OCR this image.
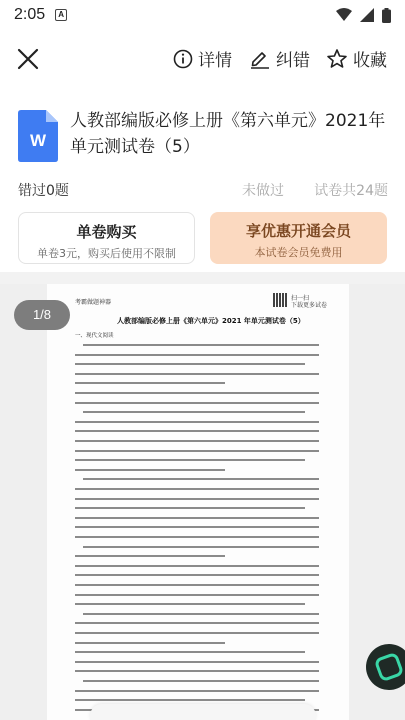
2:05	A
详情	纠错	收藏
W
人教部编版必修上册《第六单元》2021年单元测试卷（5）
错过0题	未做过 试卷共24题
单卷购买
单卷3元，购买后使用不限制
享优惠开通会员
本试卷会员免费用
考霸做题神器
扫一扫
下载更多试卷
人教部编版必修上册《第六单元》2021 年单元测试卷（5）
一、现代文阅读
1/8
